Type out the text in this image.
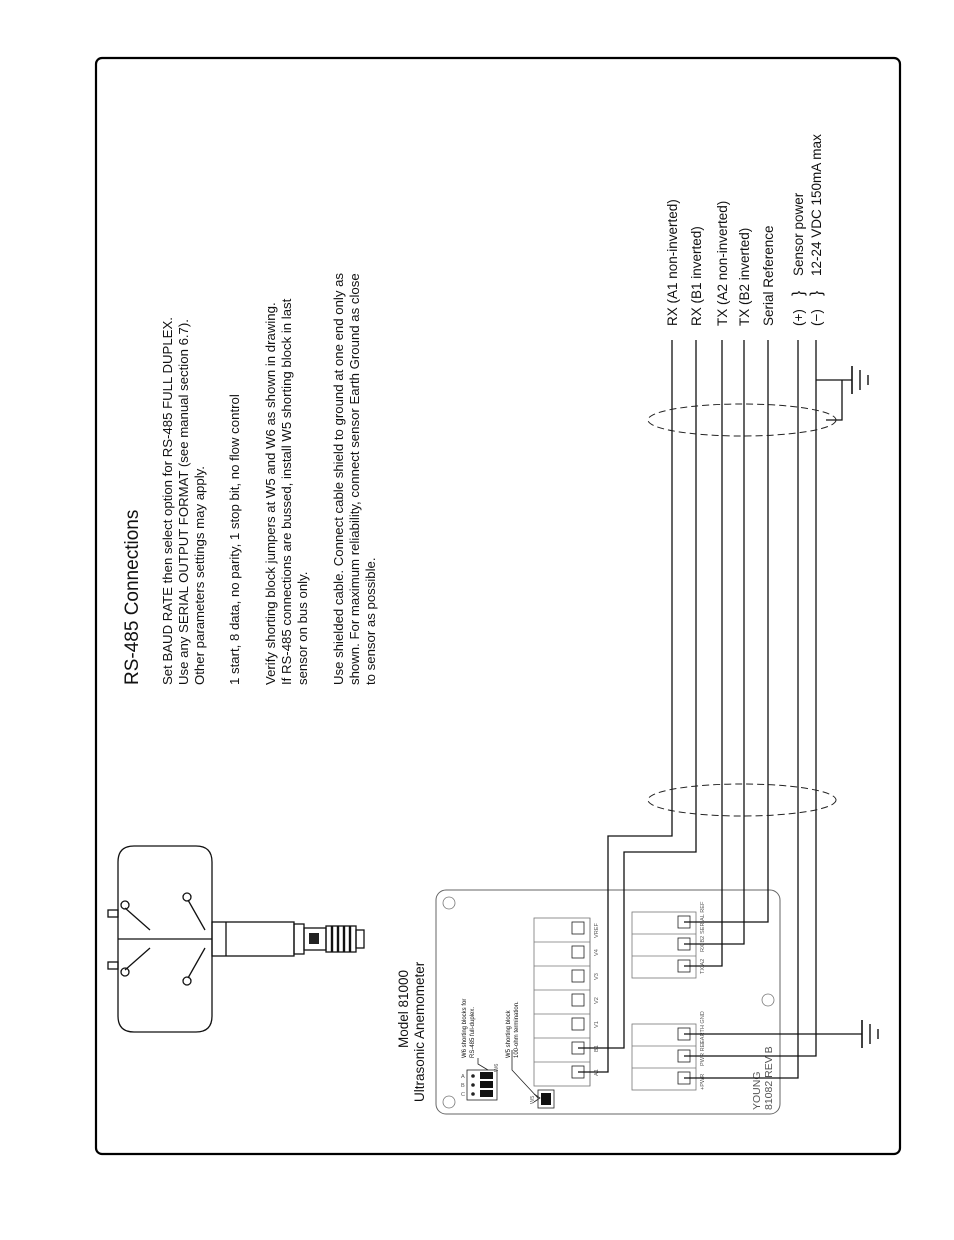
RS-485 Connections Set BAUD RATE then select option for RS-485 FULL DUPLEX. Use any SERIAL OUTPUT FORMAT (see manual section 6.7). Other parameters settings may apply. 1 start, 8 data, no parity, 1 stop bit, no flow control Verify shorting block jumpers at W5 and W6 as shown in drawing. If RS-485 connections are bussed, install W5 shorting block in last sensor on bus only. Use shielded cable. Connect cable shield to ground at one end only as shown. For maximum reliability, connect sensor Earth Ground as close to sensor as possible.
Model 81000 Ultrasonic Anemometer	A
B
C
W6
W5
W6 shorting blocks for RS-485 full-duplex.	W5 shorting block 100-ohm termination.
A1
B1
V1
V2
V3
V4
VREF
+PWR
PWR REF
EARTH GND
TX A2
RX B2
SERIAL REF
YOUNG 81082 REV B
RX (A1 non-inverted) RX (B1 inverted) TX (A2 non-inverted) TX (B2 inverted) Serial Reference (+) (−)
} }
Sensor power 12-24 VDC 150mA max
